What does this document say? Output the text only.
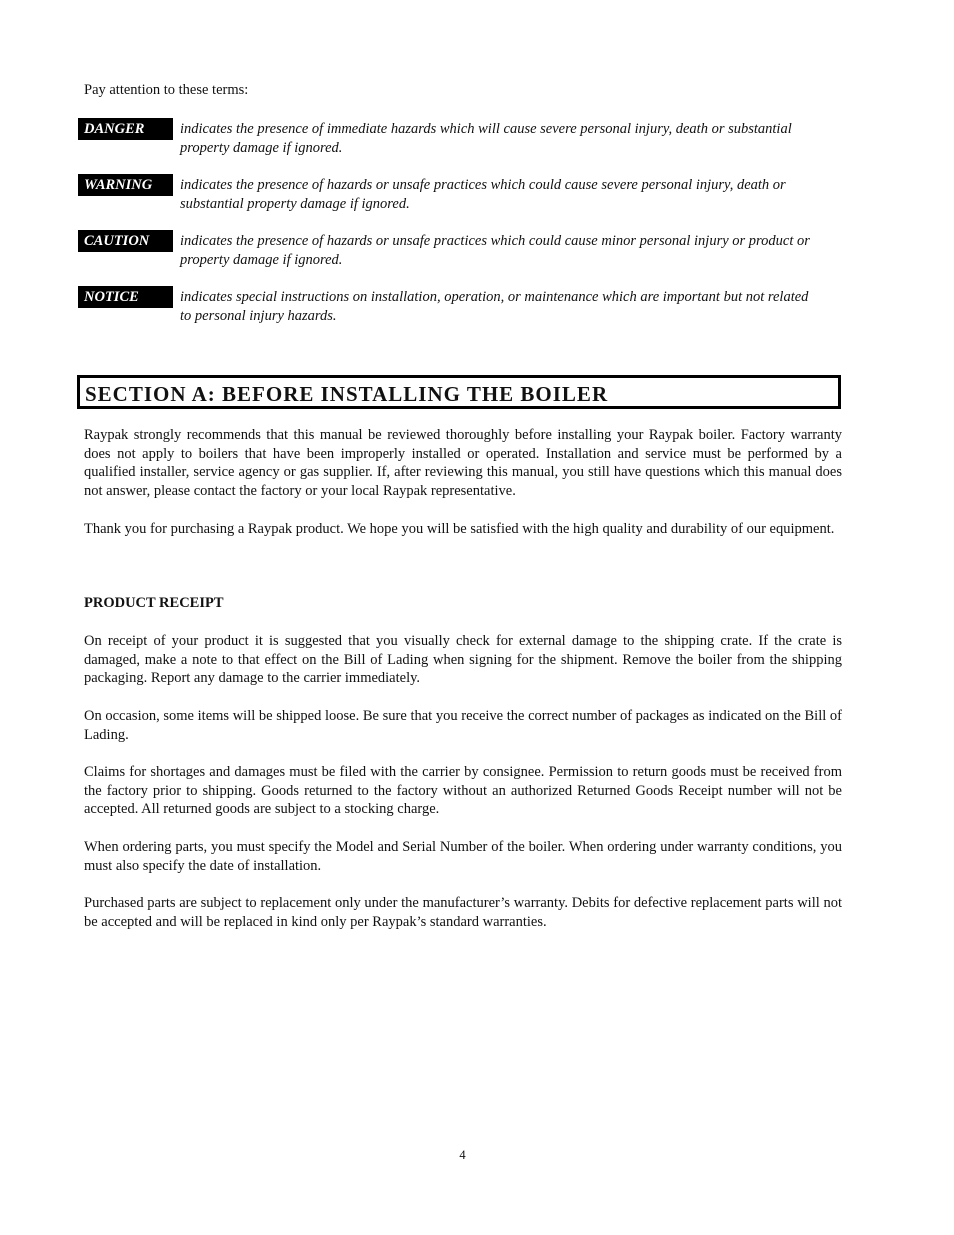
Pay attention to these terms:
DANGER	indicates the presence of immediate hazards which will cause severe personal injury, death or substantial property damage if ignored.
WARNING	indicates the presence of hazards or unsafe practices which could cause severe personal injury, death or substantial property damage if ignored.
CAUTION	indicates the presence of hazards or unsafe practices which could cause minor personal injury or product or property damage if ignored.
NOTICE	indicates special instructions on installation, operation, or maintenance which are important but not related to personal injury hazards.
SECTION A: BEFORE INSTALLING THE BOILER
Raypak strongly recommends that this manual be reviewed thoroughly before installing your Raypak boiler. Factory warranty does not apply to boilers that have been improperly installed or operated. Installation and service must be performed by a qualified installer, service agency or gas supplier. If, after reviewing this manual, you still have questions which this manual does not answer, please contact the factory or your local Raypak representative.
Thank you for purchasing a Raypak product. We hope you will be satisfied with the high quality and durability of our equipment.
PRODUCT RECEIPT
On receipt of your product it is suggested that you visually check for external damage to the shipping crate. If the crate is damaged, make a note to that effect on the Bill of Lading when signing for the shipment. Remove the boiler from the shipping packaging. Report any damage to the carrier immediately.
On occasion, some items will be shipped loose. Be sure that you receive the correct number of packages as indicated on the Bill of Lading.
Claims for shortages and damages must be filed with the carrier by consignee. Permission to return goods must be received from the factory prior to shipping. Goods returned to the factory without an authorized Returned Goods Receipt number will not be accepted. All returned goods are subject to a stocking charge.
When ordering parts, you must specify the Model and Serial Number of the boiler. When ordering under warranty conditions, you must also specify the date of installation.
Purchased parts are subject to replacement only under the manufacturer’s warranty. Debits for defective replacement parts will not be accepted and will be replaced in kind only per Raypak’s standard warranties.
4
